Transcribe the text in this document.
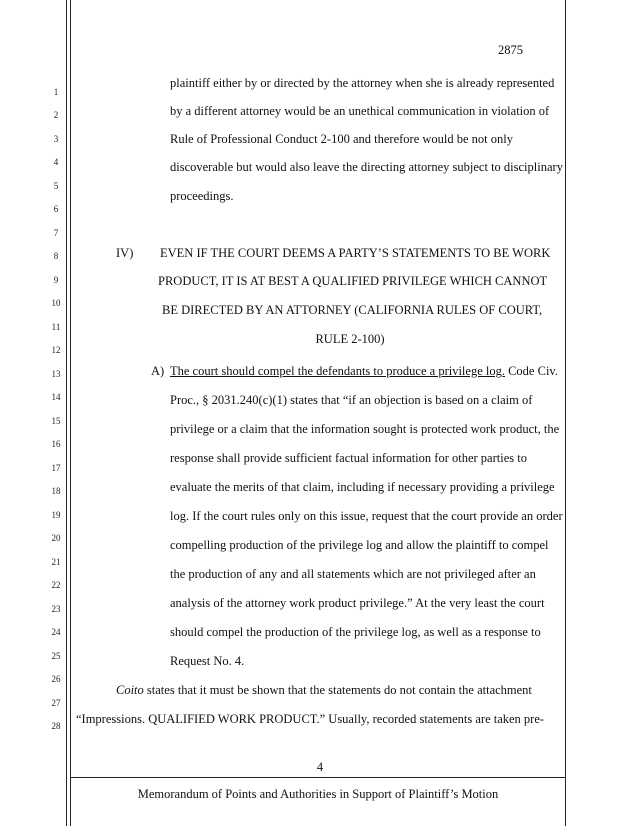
2875
1
2
3
4
5
6
7
8
9
10
11
12
13
14
15
16
17
18
19
20
21
22
23
24
25
26
27
28
plaintiff either by or directed by the attorney when she is already represented
by a different attorney would be an unethical communication in violation of
Rule of Professional Conduct 2-100 and therefore would be not only
discoverable but would also leave the directing attorney subject to disciplinary
proceedings.
IV) EVEN IF THE COURT DEEMS A PARTY’S STATEMENTS TO BE WORK
PRODUCT, IT IS AT BEST A QUALIFIED PRIVILEGE WHICH CANNOT
BE DIRECTED BY AN ATTORNEY (CALIFORNIA RULES OF COURT,
RULE 2-100)
A) The court should compel the defendants to produce a privilege log. Code Civ.
Proc., § 2031.240(c)(1) states that “if an objection is based on a claim of
privilege or a claim that the information sought is protected work product, the
response shall provide sufficient factual information for other parties to
evaluate the merits of that claim, including if necessary providing a privilege
log. If the court rules only on this issue, request that the court provide an order
compelling production of the privilege log and allow the plaintiff to compel
the production of any and all statements which are not privileged after an
analysis of the attorney work product privilege.” At the very least the court
should compel the production of the privilege log, as well as a response to
Request No. 4.
Coito states that it must be shown that the statements do not contain the attachment
“Impressions. QUALIFIED WORK PRODUCT.” Usually, recorded statements are taken pre-
4
Memorandum of Points and Authorities in Support of Plaintiff’s Motion
